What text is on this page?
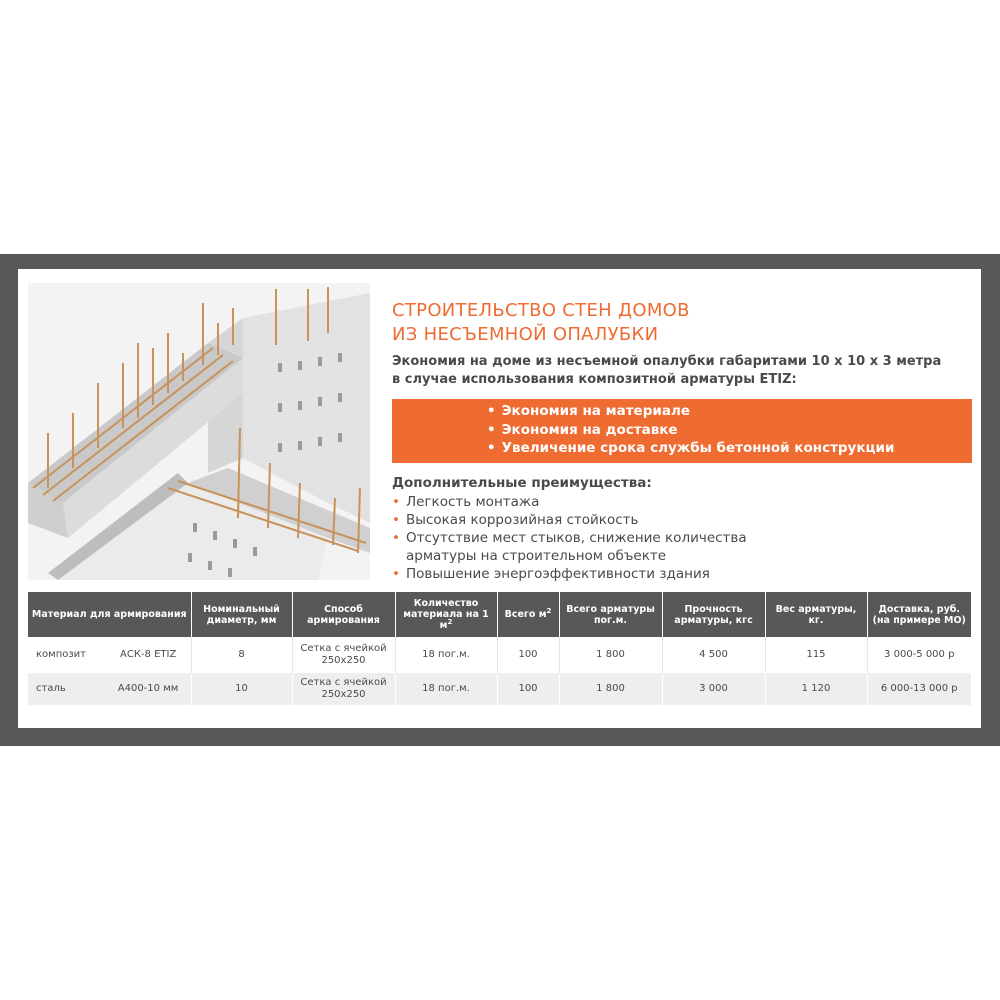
СТРОИТЕЛЬСТВО СТЕН ДОМОВ
ИЗ НЕСЪЕМНОЙ ОПАЛУБКИ

Экономия на доме из несъемной опалубки габаритами 10 х 10 х 3 метра
в случае использования композитной арматуры ETIZ:

• Экономия на материале
• Экономия на доставке
• Увеличение срока службы бетонной конструкции
Дополнительные преимущества:
• Легкость монтажа
• Высокая коррозийная стойкость
• Отсутствие мест стыков, снижение количества
арматуры на строительном объекте
• Повышение энергоэффективности здания
Материал для армирования	Номинальный диаметр, мм	Способ армирования	Количество материала на 1 $м^2$	Всего $м^2$	Всего арматуры пог.м.	Прочность арматуры, кгс	Вес арматуры, кг.	Доставка, руб. (на примере МО)
композит АСК-8 ETIZ	8	Сетка с ячейкой
250х250	18 пог.м.	100	1 800	4 500	115	3 000-5 000 р
сталь А400-10 мм	10	Сетка с ячейкой
250х250	18 пог.м.	100	1 800	3 000	1 120	6 000-13 000 р
